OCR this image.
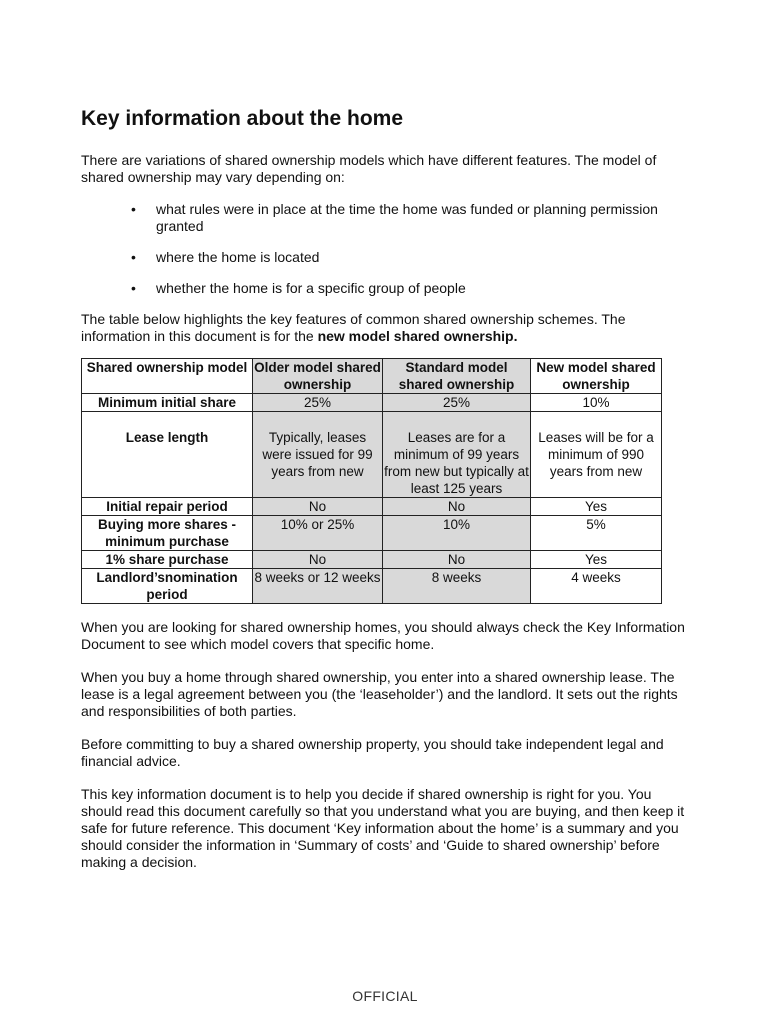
Key information about the home

There are variations of shared ownership models which have different features. The model of shared ownership may vary depending on:

• what rules were in place at the time the home was funded or planning permission granted
• where the home is located
• whether the home is for a specific group of people

The table below highlights the key features of common shared ownership schemes. The information in this document is for the new model shared ownership.

Shared ownership model	Older model shared ownership	Standard model shared ownership	New model shared ownership
Minimum initial share	25%	25%	10%
Lease length	Typically, leases were issued for 99 years from new	Leases are for a minimum of 99 years from new but typically at least 125 years	Leases will be for a minimum of 990 years from new
Initial repair period	No	No	Yes
Buying more shares - minimum purchase	10% or 25%	10%	5%
1% share purchase	No	No	Yes
Landlord’snomination period	8 weeks or 12 weeks	8 weeks	4 weeks

When you are looking for shared ownership homes, you should always check the Key Information Document to see which model covers that specific home.

When you buy a home through shared ownership, you enter into a shared ownership lease. The lease is a legal agreement between you (the ‘leaseholder’) and the landlord. It sets out the rights and responsibilities of both parties.

Before committing to buy a shared ownership property, you should take independent legal and financial advice.

This key information document is to help you decide if shared ownership is right for you. You should read this document carefully so that you understand what you are buying, and then keep it safe for future reference. This document ‘Key information about the home’ is a summary and you should consider the information in ‘Summary of costs’ and ‘Guide to shared ownership’ before making a decision.

OFFICIAL
